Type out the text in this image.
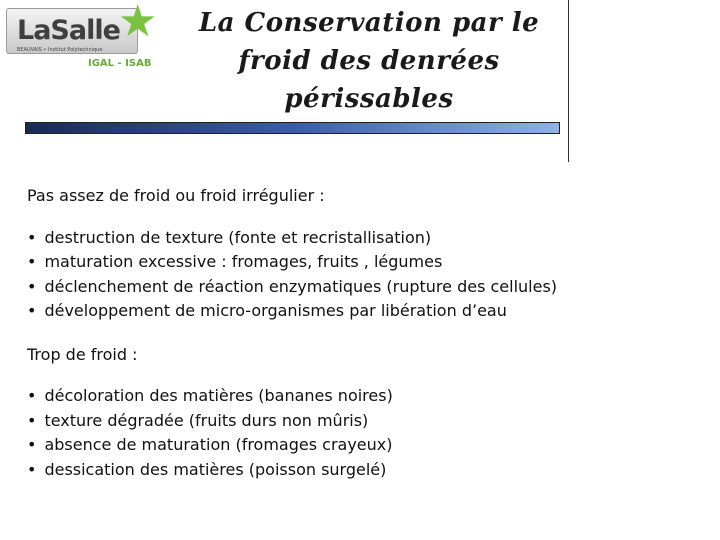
LaSalle
BEAUVAIS • Institut Polytechnique
★
IGAL - ISAB
La Conservation par le
froid des denrées
périssables

Pas assez de froid ou froid irrégulier :

• destruction de texture (fonte et recristallisation)
• maturation excessive : fromages, fruits , légumes
• déclenchement de réaction enzymatiques (rupture des cellules)
• développement de micro-organismes par libération d’eau

Trop de froid :

• décoloration des matières (bananes noires)
• texture dégradée (fruits durs non mûris)
• absence de maturation (fromages crayeux)
• dessication des matières (poisson surgelé)
